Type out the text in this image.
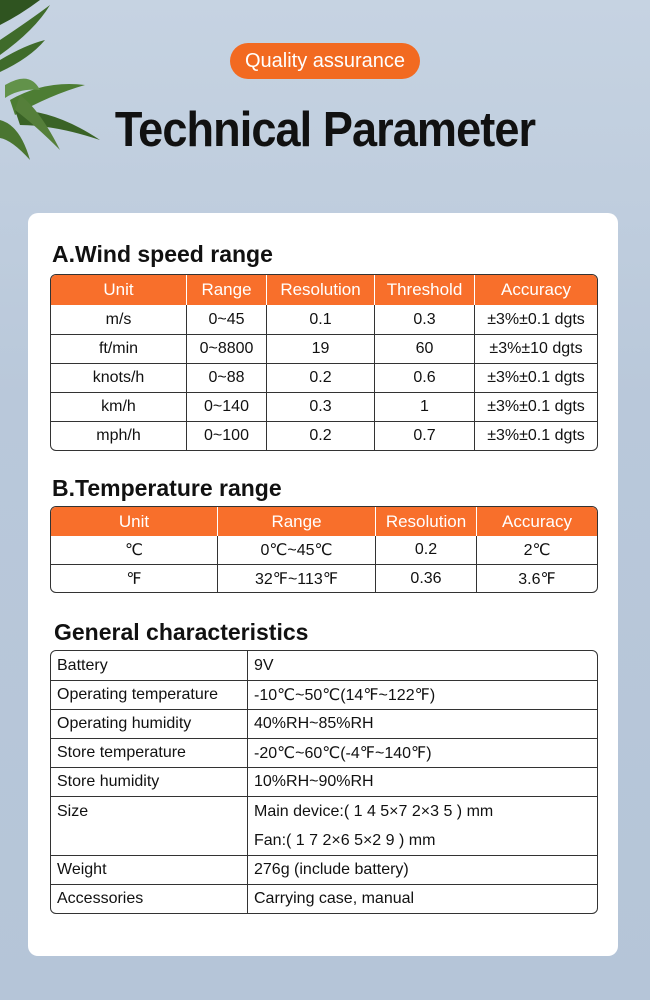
Quality assurance
Technical Parameter
A.Wind speed range
Unit	Range	Resolution	Threshold	Accuracy
m/s	0~45	0.1	0.3	±3%±0.1 dgts
ft/min	0~8800	19	60	±3%±10 dgts
knots/h	0~88	0.2	0.6	±3%±0.1 dgts
km/h	0~140	0.3	1	±3%±0.1 dgts
mph/h	0~100	0.2	0.7	±3%±0.1 dgts
B.Temperature range
Unit	Range	Resolution	Accuracy
℃	0℃~45℃	0.2	2℃
℉	32℉~113℉	0.36	3.6℉
General characteristics
Battery	9V
Operating temperature	-10℃~50℃(14℉~122℉)
Operating humidity	40%RH~85%RH
Store temperature	-20℃~60℃(-4℉~140℉)
Store humidity	10%RH~90%RH
Size	Main device:( 1 4 5×7 2×3 5 ) mm
Fan:( 1 7 2×6 5×2 9 ) mm

Weight	276g (include battery)
Accessories	Carrying case, manual
